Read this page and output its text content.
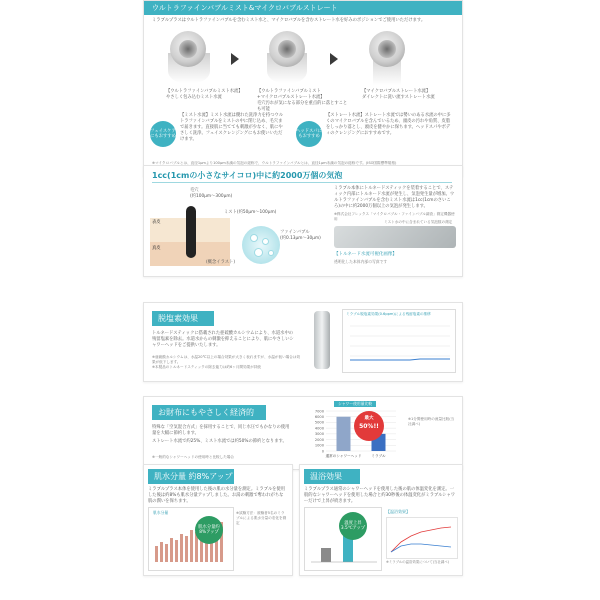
ウルトラファインバブルミスト&マイクロバブルストレート
ミラブルプラスはウルトラファインバブルを含むミスト水と、マイクロバブルを含むストレート水を好みのポジションでご使用いただけます。
【ウルトラファインバブルミスト水流】
やさしく包み込むミスト水流
【ウルトラファインバブルミスト
+マイクロバブルストレート水流】
毛穴汚れが気になる部分を重点的に落とすことも可能
【マイクロバブルストレート水流】
ダイレクトに洗い流すストレート水流
フェイスケアにもおすすめ
【ミスト水流】ミスト水流は優れた洗浄力を持つウルトラファインバブルをミストの中に閉じ込め、毛穴まで届きます。直接肌に当てても刺激が少なく、肌にやさしく洗浄。フェイスクレンジングにもお使いいただけます。
ヘッドスパにもおすすめ
【ストレート水流】ストレート水流では勢いのある水流の中に多くのマイクロバブルを含んでいるため、頭皮の汚れや角質、皮脂をしっかり落とし、頭皮を健やかに保ちます。ヘッドスパやボディのクレンジングにおすすめです。
※マイクロバブルとは、直径1μmより100μm未満の気泡の総称で、ウルトラファインバブルとは、直径1μm未満の気泡の総称です。(ISO国際標準規格)
1cc(1cmの小さなサイコロ)中に約2000万個の気泡
毛穴
(約100μm〜300μm)
表皮
真皮
ミスト(約50μm〜100μm)
ファインバブル
(約0.13μm〜30μm)
(概念イラスト)
ミラブル本体にトルネードスティックを装着することで、スティック内部にトルネード水流が発生し、気泡発生量が増加。ウルトラファインバブルを含むミスト水流は1cc(1cmのさいころ)の中に約2000万個以上の気泡が発生します。
※株式会社フレックス「マイクロバブル・ファインバブル調査」測定機器使用
ミスト水の中に含まれている気泡数の測定
【トルネード水流可視化画像】
透明化した本体内部の写真です
脱塩素効果
トルネードスティックに搭載された亜硫酸カルシウムにより、水道水中の残留塩素を除去。水道水からの刺激を抑えることにより、肌にやさしいシャワーヘッドをご提供いたします。
※亜硫酸カルシウムは、水温20℃以上の場合効果が大きく表れますが、水温が低い場合は効果が低下します。
※本製品のトルネードスティックの除去能力は約6ヶ月間効果が持続
ミラブル脱塩素効果(0.6ppm)による残留塩素の推移
お財布にもやさしく経済的
特殊な「空気混合方式」を採用することで、同じ水圧でもかなりの使用量を大幅に節約します。
ストレート水流で約25%、ミスト水流では約50%の節約となります。
※一般的なシャワーヘッドの使用時と比較した場合
シャワー使用量比較
0
1000
2000
3000
4000
5000
6000
7000
通常のシャワーヘッド	ミラブル
最大
50%!!
※1分間使用時の流量比較(当社調べ)
肌水分量 約8%アップ
ミラブルプラス本体を使用した後の肌の水分量を測定。ミラブルを使用した後は約8%も肌水分量アップしました。お湯の刺激で奪われがちな肌の潤いを保ちます。
肌水分量
肌水分量約8%アップ
※試験方法：被験者5名のミラブルによる肌水分量の変化を測定
温浴効果
ミラブルプラス通常のシャワーヘッドを使用した後の肌の体温変化を測定。一般的なシャワーヘッドを使用した場合と約30秒後の体温変化がミラブルシャワーだけで上昇が続きます。
温度上昇3.5℃アップ
【温浴効果】
※ミラブルの温浴効果について(当社調べ)
